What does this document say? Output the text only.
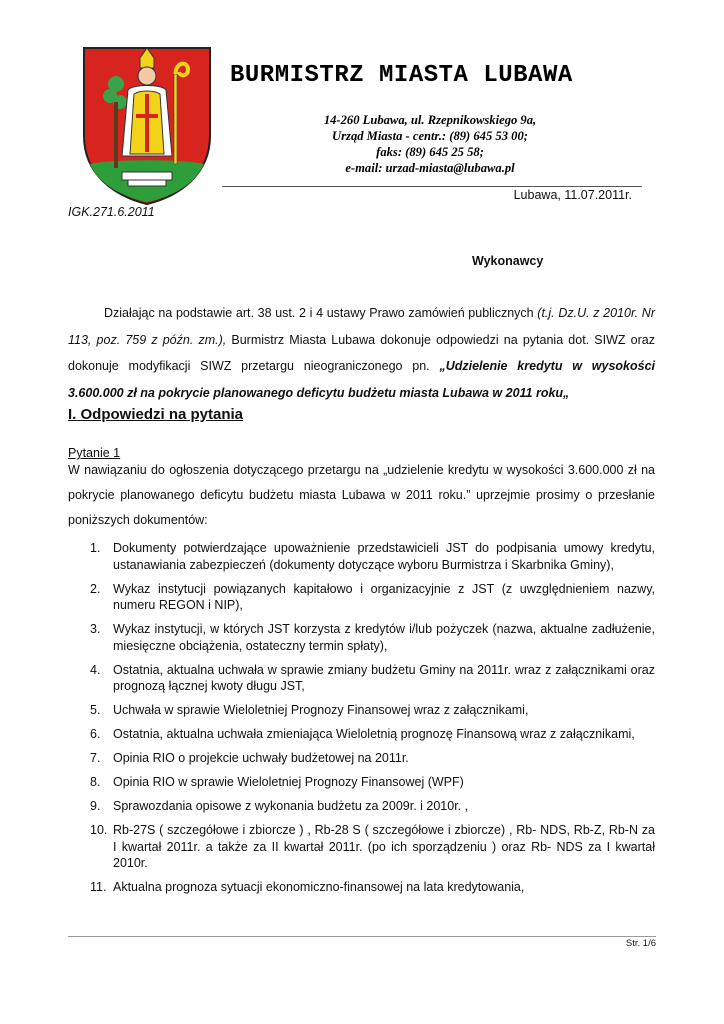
BURMISTRZ MIASTA LUBAWA
14-260 Lubawa, ul. Rzepnikowskiego 9a,
Urząd Miasta - centr.: (89) 645 53 00;
faks: (89) 645 25 58;
e-mail: urzad-miasta@lubawa.pl
Lubawa, 11.07.2011r.
IGK.271.6.2011
Wykonawcy

Działając na podstawie art. 38 ust. 2 i 4 ustawy Prawo zamówień publicznych (t.j. Dz.U. z 2010r. Nr 113, poz. 759 z późn. zm.), Burmistrz Miasta Lubawa dokonuje odpowiedzi na pytania dot. SIWZ oraz dokonuje modyfikacji SIWZ przetargu nieograniczonego pn. „Udzielenie kredytu w wysokości 3.600.000 zł na pokrycie planowanego deficytu budżetu miasta Lubawa w 2011 roku„

I. Odpowiedzi na pytania
Pytanie 1
W nawiązaniu do ogłoszenia dotyczącego przetargu na „udzielenie kredytu w wysokości 3.600.000 zł na pokrycie planowanego deficytu budżetu miasta Lubawa w 2011 roku.” uprzejmie prosimy o przesłanie poniższych dokumentów:
1.	Dokumenty potwierdzające upoważnienie przedstawicieli JST do podpisania umowy kredytu, ustanawiania zabezpieczeń (dokumenty dotyczące wyboru Burmistrza i Skarbnika Gminy),
2.	Wykaz instytucji powiązanych kapitałowo i organizacyjnie z JST (z uwzględnieniem nazwy, numeru REGON i NIP),
3.	Wykaz instytucji, w których JST korzysta z kredytów i/lub pożyczek (nazwa, aktualne zadłużenie, miesięczne obciążenia, ostateczny termin spłaty),
4.	Ostatnia, aktualna uchwała w sprawie zmiany budżetu Gminy na 2011r. wraz z załącznikami oraz prognozą łącznej kwoty długu JST,
5.	Uchwała w sprawie Wieloletniej Prognozy Finansowej wraz z załącznikami,
6.	Ostatnia, aktualna uchwała zmieniająca Wieloletnią prognozę Finansową wraz z załącznikami,
7.	Opinia RIO o projekcie uchwały budżetowej na 2011r.
8.	Opinia RIO w sprawie Wieloletniej Prognozy Finansowej (WPF)
9.	Sprawozdania opisowe z wykonania budżetu za 2009r. i 2010r. ,
10. Rb-27S ( szczegółowe i zbiorcze ) , Rb-28 S ( szczegółowe i zbiorcze) , Rb- NDS, Rb-Z, Rb-N za I kwartał 2011r. a także za II kwartał 2011r. (po ich sporządzeniu ) oraz Rb- NDS za I kwartał 2010r.
11. Aktualna prognoza sytuacji ekonomiczno-finansowej na lata kredytowania,
Str. 1/6
